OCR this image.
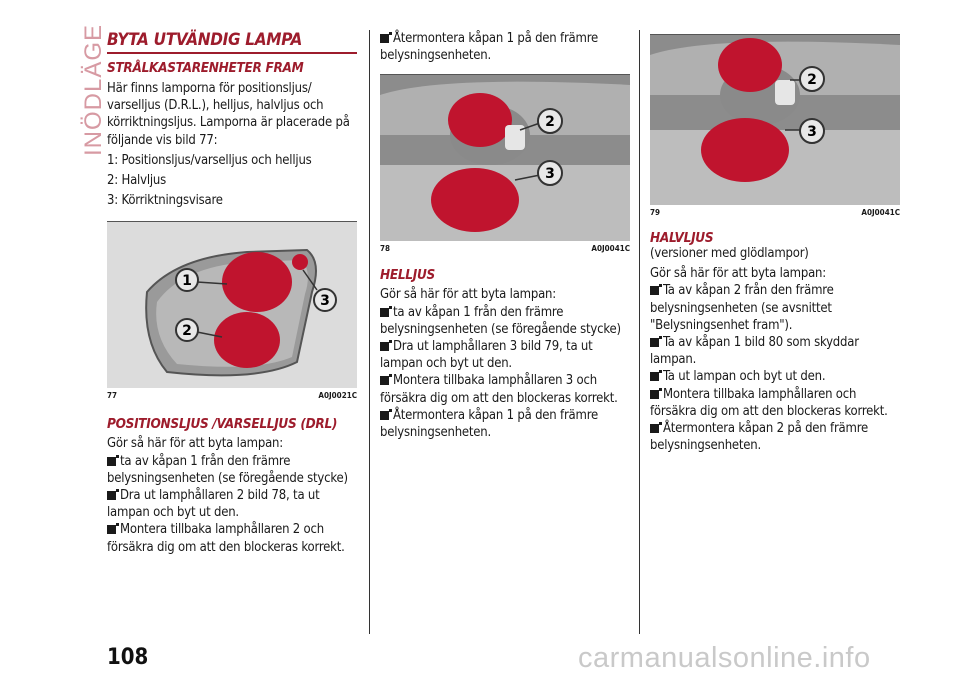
INÖDLÄGE BYTA UTVÄNDIG LAMPA
STRÅLKASTARENHETER FRAM

Här finns lamporna för positionsljus/ varselljus (D.R.L.), helljus, halvljus och körriktningsljus. Lamporna är placerade på följande vis bild 77:

1: Positionsljus/varselljus och helljus

2: Halvljus

3: Körriktningsvisare

1
2
3
77	A0J0021C
POSITIONSLJUS /VARSELLJUS (DRL)

Gör så här för att byta lampan:

ta av kåpan 1 från den främre belysningsenheten (se föregående stycke)
Dra ut lamphållaren 2 bild 78, ta ut lampan och byt ut den.
Montera tillbaka lamphållaren 2 och försäkra dig om att den blockeras korrekt.
Återmontera kåpan 1 på den främre belysningsenheten.
2
3
78	A0J0041C
HELLJUS

Gör så här för att byta lampan:

ta av kåpan 1 från den främre belysningsenheten (se föregående stycke)
Dra ut lamphållaren 3 bild 79, ta ut lampan och byt ut den.
Montera tillbaka lamphållaren 3 och försäkra dig om att den blockeras korrekt.
Återmontera kåpan 1 på den främre belysningsenheten.
2
3
79	A0J0041C
HALVLJUS

(versioner med glödlampor)

Gör så här för att byta lampan:

Ta av kåpan 2 från den främre belysningsenheten (se avsnittet "Belysningsenhet fram").
Ta av kåpan 1 bild 80 som skyddar lampan.
Ta ut lampan och byt ut den.
Montera tillbaka lamphållaren och försäkra dig om att den blockeras korrekt.
Återmontera kåpan 2 på den främre belysningsenheten.
108	carmanualsonline.info
